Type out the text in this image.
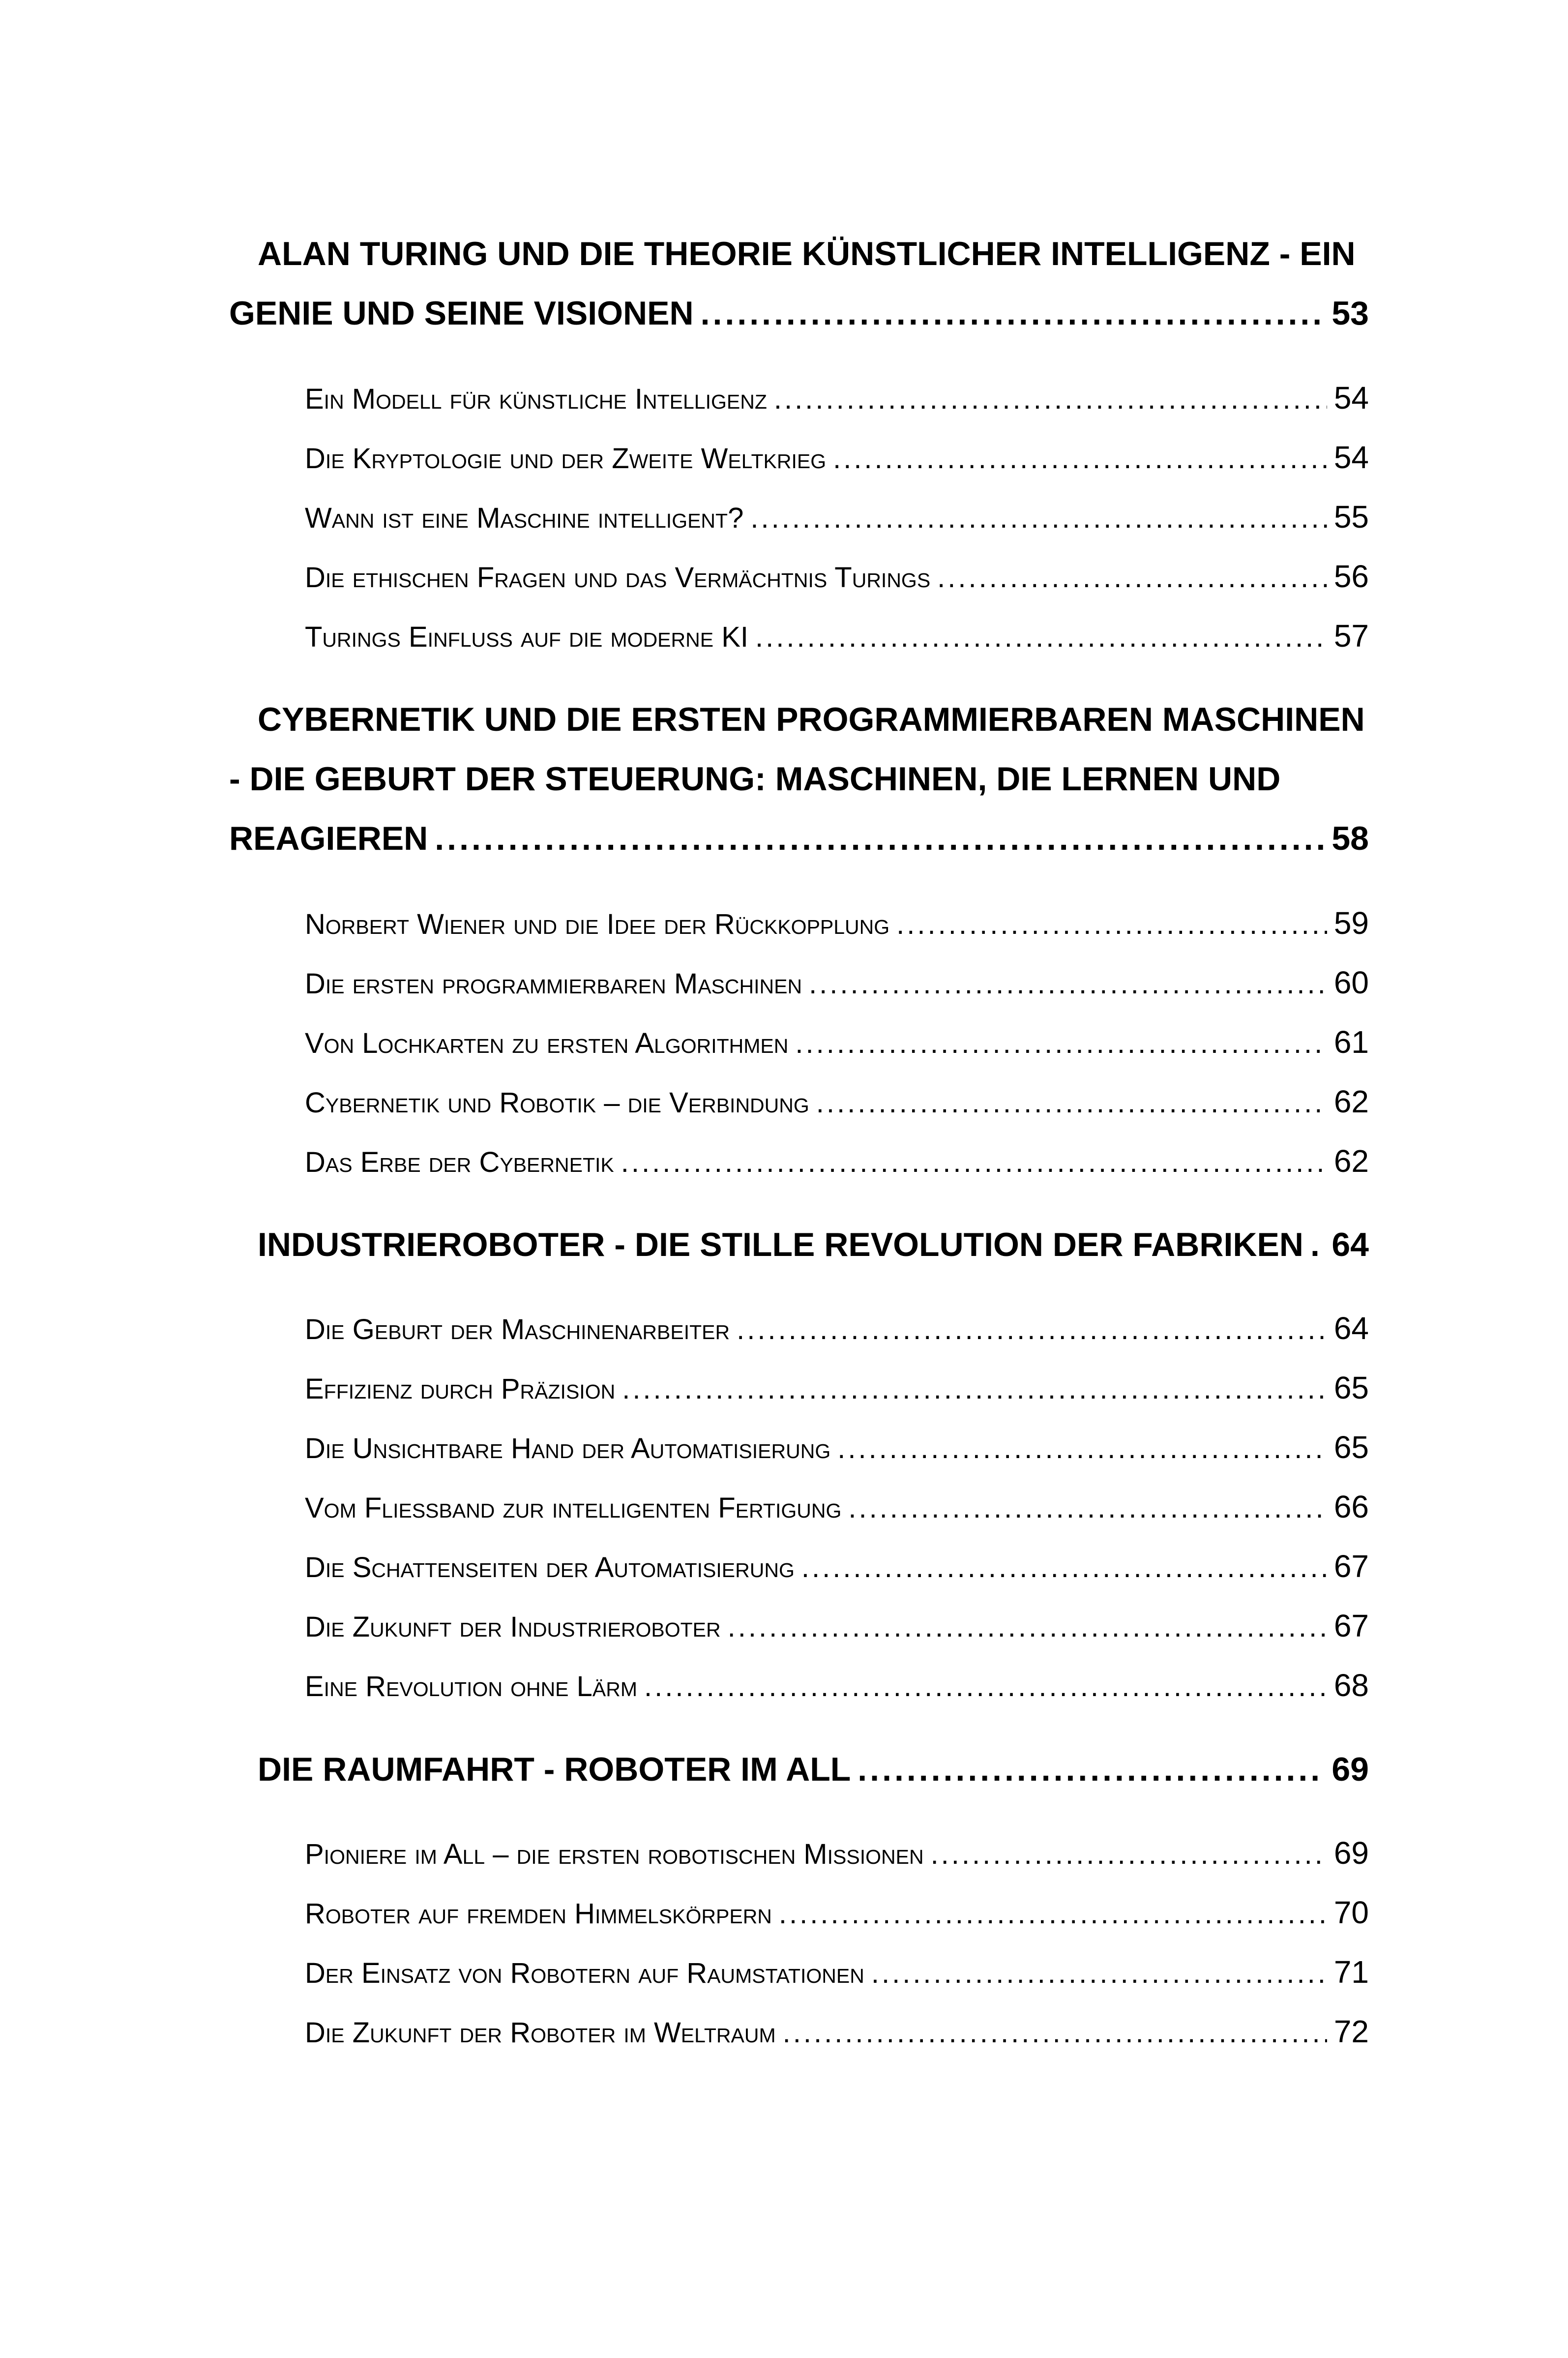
ALAN TURING UND DIE THEORIE KÜNSTLICHER INTELLIGENZ - EIN
GENIE UND SEINE VISIONEN .....	53
Ein Modell für künstliche Intelligenz .....	54
Die Kryptologie und der Zweite Weltkrieg .....	54
Wann ist eine Maschine intelligent? .....	55
Die ethischen Fragen und das Vermächtnis Turings .....	56
Turings Einfluss auf die moderne KI .....	57
CYBERNETIK UND DIE ERSTEN PROGRAMMIERBAREN MASCHINEN
- DIE GEBURT DER STEUERUNG: MASCHINEN, DIE LERNEN UND
REAGIEREN .....	58
Norbert Wiener und die Idee der Rückkopplung .....	59
Die ersten programmierbaren Maschinen .....	60
Von Lochkarten zu ersten Algorithmen .....	61
Cybernetik und Robotik – die Verbindung .....	62
Das Erbe der Cybernetik .....	62
INDUSTRIEROBOTER - DIE STILLE REVOLUTION DER FABRIKEN ..... 64
Die Geburt der Maschinenarbeiter .....	64
Effizienz durch Präzision .....	65
Die Unsichtbare Hand der Automatisierung .....	65
Vom Fließband zur intelligenten Fertigung .....	66
Die Schattenseiten der Automatisierung .....	67
Die Zukunft der Industrieroboter .....	67
Eine Revolution ohne Lärm .....	68
DIE RAUMFAHRT - ROBOTER IM ALL .....	69
Pioniere im All – die ersten robotischen Missionen .....	69
Roboter auf fremden Himmelskörpern .....	70
Der Einsatz von Robotern auf Raumstationen .....	71
Die Zukunft der Roboter im Weltraum .....	72
